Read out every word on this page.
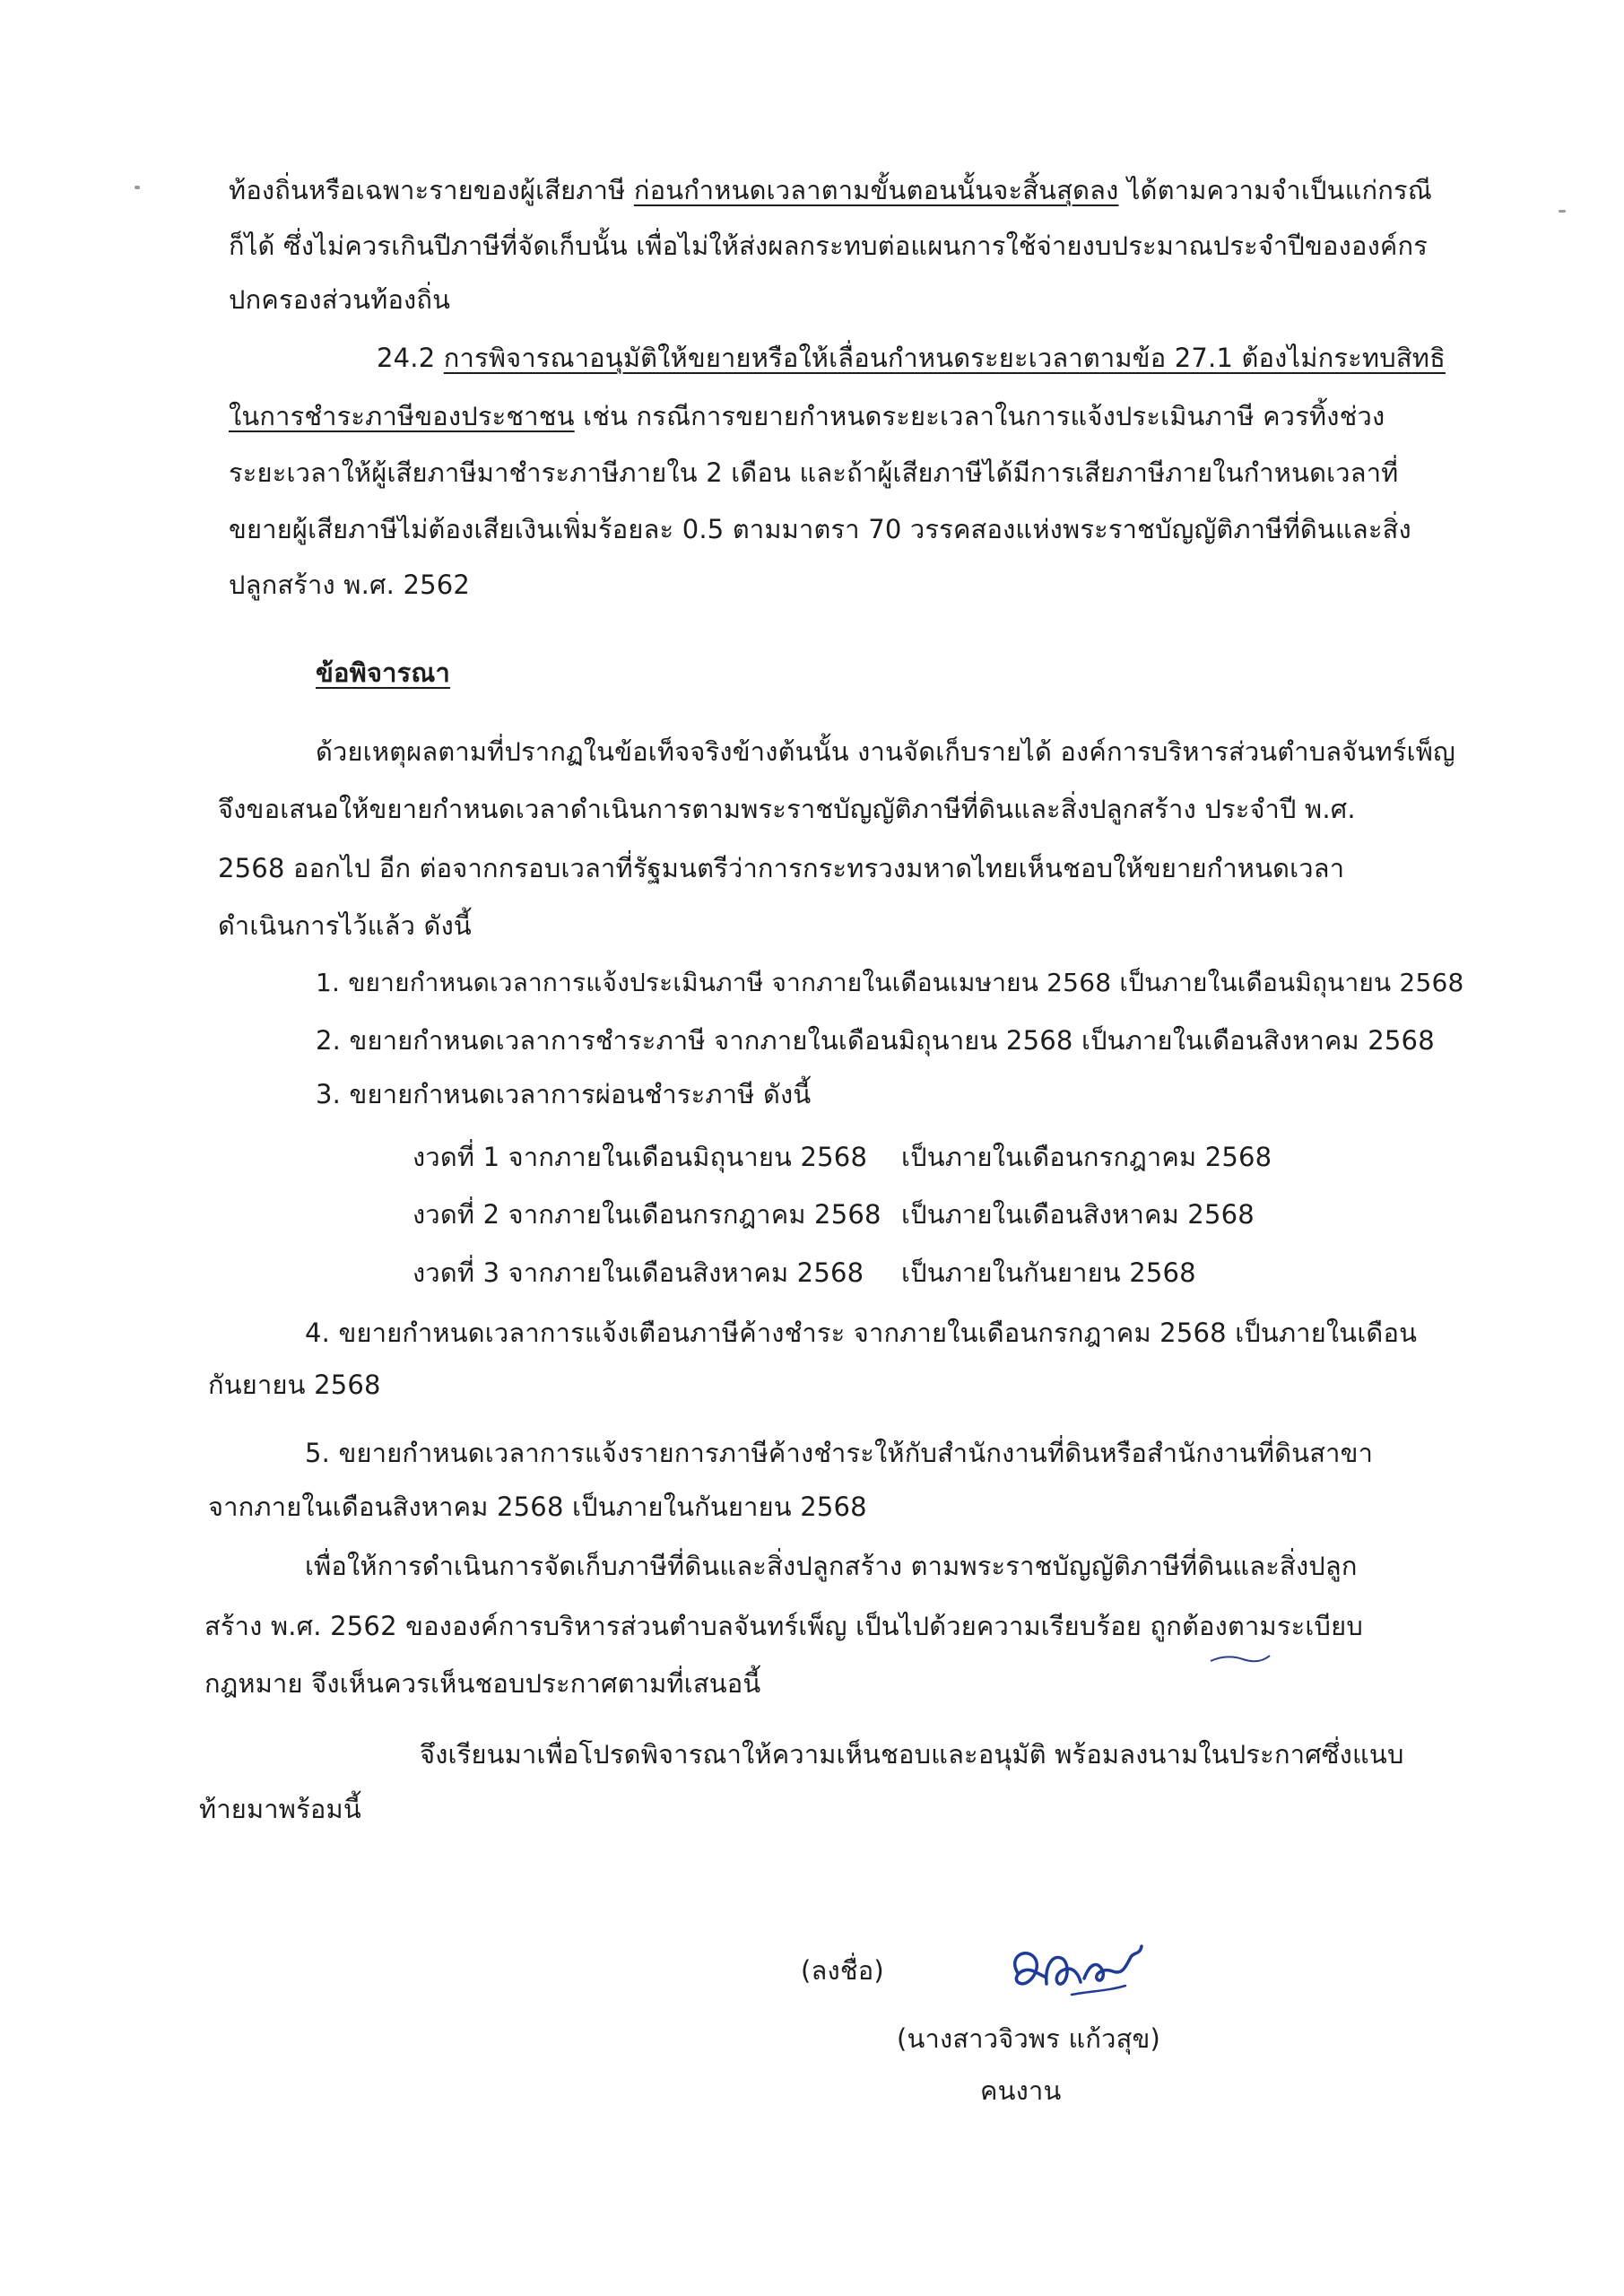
ท้องถิ่นหรือเฉพาะรายของผู้เสียภาษี ก่อนกำหนดเวลาตามขั้นตอนนั้นจะสิ้นสุดลง ได้ตามความจำเป็นแก่กรณี
ก็ได้ ซึ่งไม่ควรเกินปีภาษีที่จัดเก็บนั้น เพื่อไม่ให้ส่งผลกระทบต่อแผนการใช้จ่ายงบประมาณประจำปีขององค์กร
ปกครองส่วนท้องถิ่น
24.2 การพิจารณาอนุมัติให้ขยายหรือให้เลื่อนกำหนดระยะเวลาตามข้อ 27.1 ต้องไม่กระทบสิทธิ
ในการชำระภาษีของประชาชน เช่น กรณีการขยายกำหนดระยะเวลาในการแจ้งประเมินภาษี ควรทิ้งช่วง
ระยะเวลาให้ผู้เสียภาษีมาชำระภาษีภายใน 2 เดือน และถ้าผู้เสียภาษีได้มีการเสียภาษีภายในกำหนดเวลาที่
ขยายผู้เสียภาษีไม่ต้องเสียเงินเพิ่มร้อยละ 0.5 ตามมาตรา 70 วรรคสองแห่งพระราชบัญญัติภาษีที่ดินและสิ่ง
ปลูกสร้าง พ.ศ. 2562
ข้อพิจารณา
ด้วยเหตุผลตามที่ปรากฏในข้อเท็จจริงข้างต้นนั้น งานจัดเก็บรายได้ องค์การบริหารส่วนตำบลจันทร์เพ็ญ
จึงขอเสนอให้ขยายกำหนดเวลาดำเนินการตามพระราชบัญญัติภาษีที่ดินและสิ่งปลูกสร้าง ประจำปี พ.ศ.
2568 ออกไป อีก ต่อจากกรอบเวลาที่รัฐมนตรีว่าการกระทรวงมหาดไทยเห็นชอบให้ขยายกำหนดเวลา
ดำเนินการไว้แล้ว ดังนี้
1. ขยายกำหนดเวลาการแจ้งประเมินภาษี จากภายในเดือนเมษายน 2568 เป็นภายในเดือนมิถุนายน 2568
2. ขยายกำหนดเวลาการชำระภาษี จากภายในเดือนมิถุนายน 2568 เป็นภายในเดือนสิงหาคม 2568
3. ขยายกำหนดเวลาการผ่อนชำระภาษี ดังนี้
งวดที่ 1 จากภายในเดือนมิถุนายน 2568 เป็นภายในเดือนกรกฎาคม 2568
งวดที่ 2 จากภายในเดือนกรกฎาคม 2568 เป็นภายในเดือนสิงหาคม 2568
งวดที่ 3 จากภายในเดือนสิงหาคม 2568 เป็นภายในกันยายน 2568
4. ขยายกำหนดเวลาการแจ้งเตือนภาษีค้างชำระ จากภายในเดือนกรกฎาคม 2568 เป็นภายในเดือน
กันยายน 2568
5. ขยายกำหนดเวลาการแจ้งรายการภาษีค้างชำระให้กับสำนักงานที่ดินหรือสำนักงานที่ดินสาขา
จากภายในเดือนสิงหาคม 2568 เป็นภายในกันยายน 2568
เพื่อให้การดำเนินการจัดเก็บภาษีที่ดินและสิ่งปลูกสร้าง ตามพระราชบัญญัติภาษีที่ดินและสิ่งปลูก
สร้าง พ.ศ. 2562 ขององค์การบริหารส่วนตำบลจันทร์เพ็ญ เป็นไปด้วยความเรียบร้อย ถูกต้องตามระเบียบ
กฎหมาย จึงเห็นควรเห็นชอบประกาศตามที่เสนอนี้
จึงเรียนมาเพื่อโปรดพิจารณาให้ความเห็นชอบและอนุมัติ พร้อมลงนามในประกาศซึ่งแนบ
ท้ายมาพร้อมนี้
(ลงชื่อ)
(นางสาวจิวพร แก้วสุข)
คนงาน
